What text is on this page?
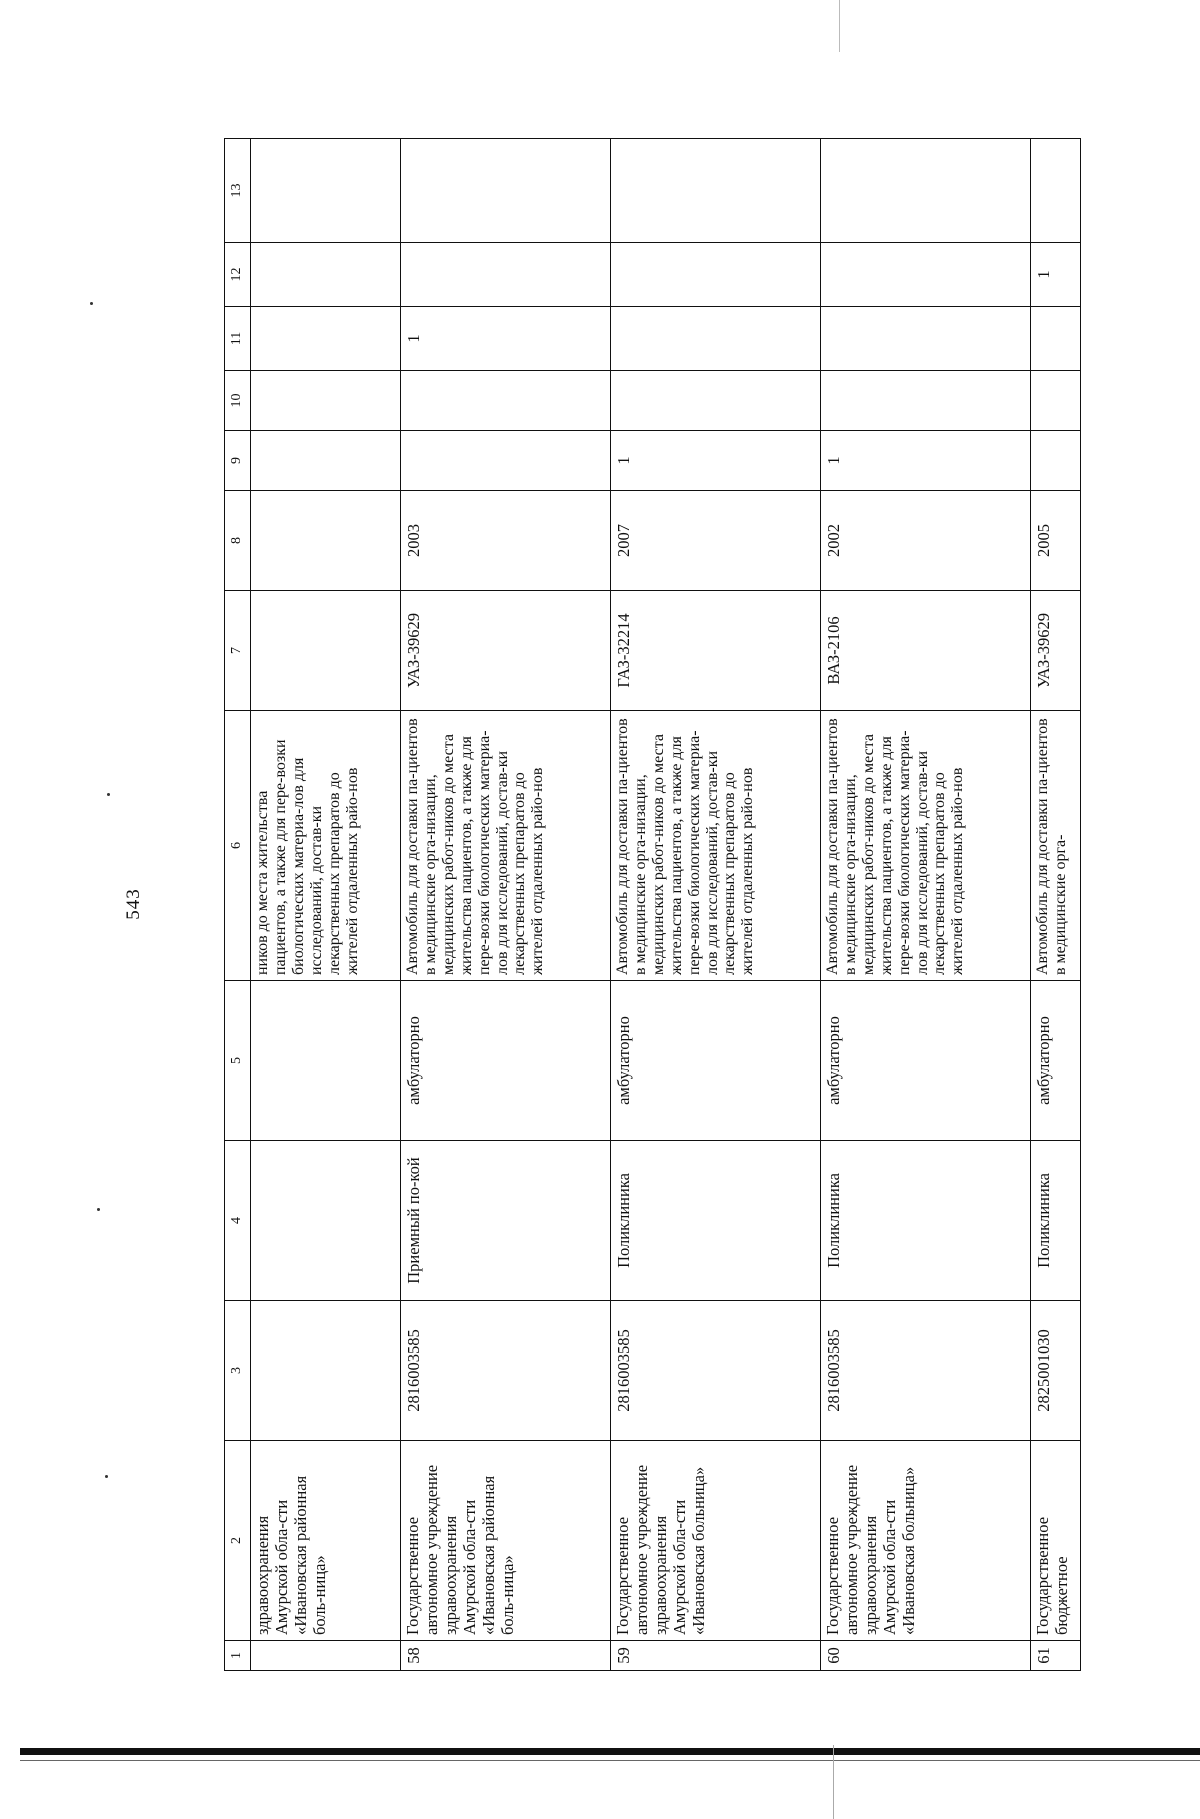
543
1	2	3	4	5	6	7	8	9	10	11	12	13
	здравоохранения Амурской обла-сти «Ивановская районная боль-ница»				ников до места жительства пациентов, а также для пере-возки биологических материа-лов для исследований, достав-ки лекарственных препаратов до жителей отдаленных райо-нов							
58	Государственное автономное учреждение здравоохранения Амурской обла-сти «Ивановская районная боль-ница»	2816003585	Приемный по-кой	амбулаторно	Автомобиль для доставки па-циентов в медицинские орга-низации, медицинских работ-ников до места жительства пациентов, а также для пере-возки биологических материа-лов для исследований, достав-ки лекарственных препаратов до жителей отдаленных райо-нов	УАЗ-39629	2003			1		
59	Государственное автономное учреждение здравоохранения Амурской обла-сти «Ивановская больница»	2816003585	Поликлиника	амбулаторно	Автомобиль для доставки па-циентов в медицинские орга-низации, медицинских работ-ников до места жительства пациентов, а также для пере-возки биологических материа-лов для исследований, достав-ки лекарственных препаратов до жителей отдаленных райо-нов	ГАЗ-32214	2007	1				
60	Государственное автономное учреждение здравоохранения Амурской обла-сти «Ивановская больница»	2816003585	Поликлиника	амбулаторно	Автомобиль для доставки па-циентов в медицинские орга-низации, медицинских работ-ников до места жительства пациентов, а также для пере-возки биологических материа-лов для исследований, достав-ки лекарственных препаратов до жителей отдаленных райо-нов	ВАЗ-2106	2002	1				
61	Государственное бюджетное	2825001030	Поликлиника	амбулаторно	Автомобиль для доставки па-циентов в медицинские орга-	УАЗ-39629	2005				1	
